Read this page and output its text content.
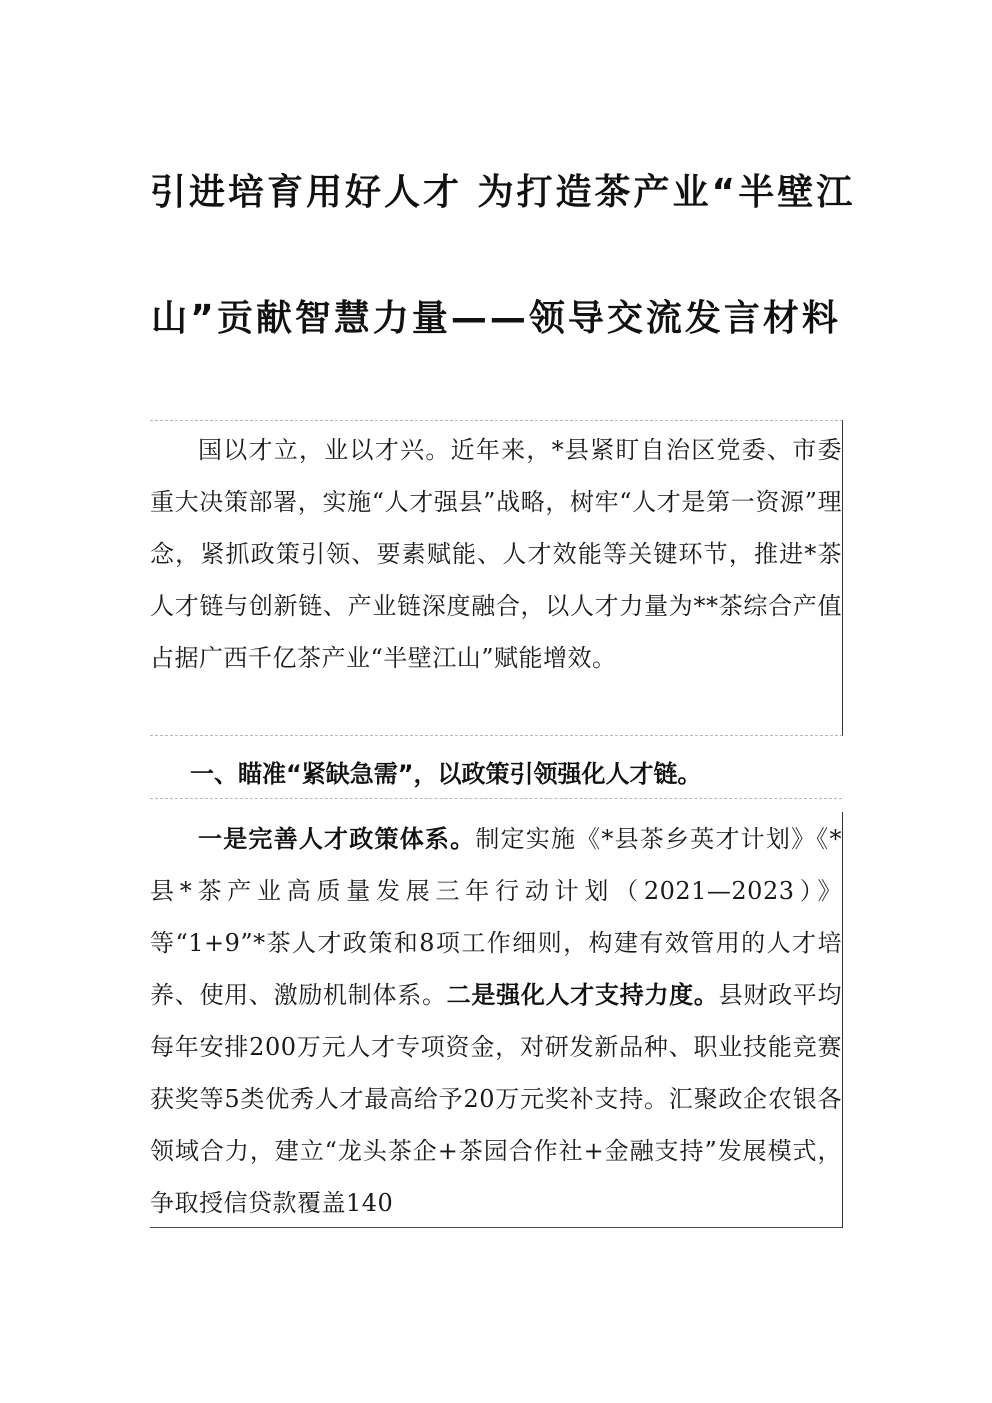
引进培育用好人才 为打造茶产业“半壁江
山”贡献智慧力量——领导交流发言材料

国以才立，业以才兴。近年来，*县紧盯自治区党委、市委重大决策部署，实施“人才强县”战略，树牢“人才是第一资源”理念，紧抓政策引领、要素赋能、人才效能等关键环节，推进*茶人才链与创新链、产业链深度融合，以人才力量为**茶综合产值占据广西千亿茶产业“半壁江山”赋能增效。

一、瞄准“紧缺急需”，以政策引领强化人才链。

一是完善人才政策体系。制定实施《*县茶乡英才计划》《*县*茶产业高质量发展三年行动计划（2021—2023）》等“1+9”*茶人才政策和8项工作细则，构建有效管用的人才培养、使用、激励机制体系。二是强化人才支持力度。县财政平均每年安排200万元人才专项资金，对研发新品种、职业技能竞赛获奖等5类优秀人才最高给予20万元奖补支持。汇聚政企农银各领域合力，建立“龙头茶企+茶园合作社+金融支持”发展模式，争取授信贷款覆盖140
